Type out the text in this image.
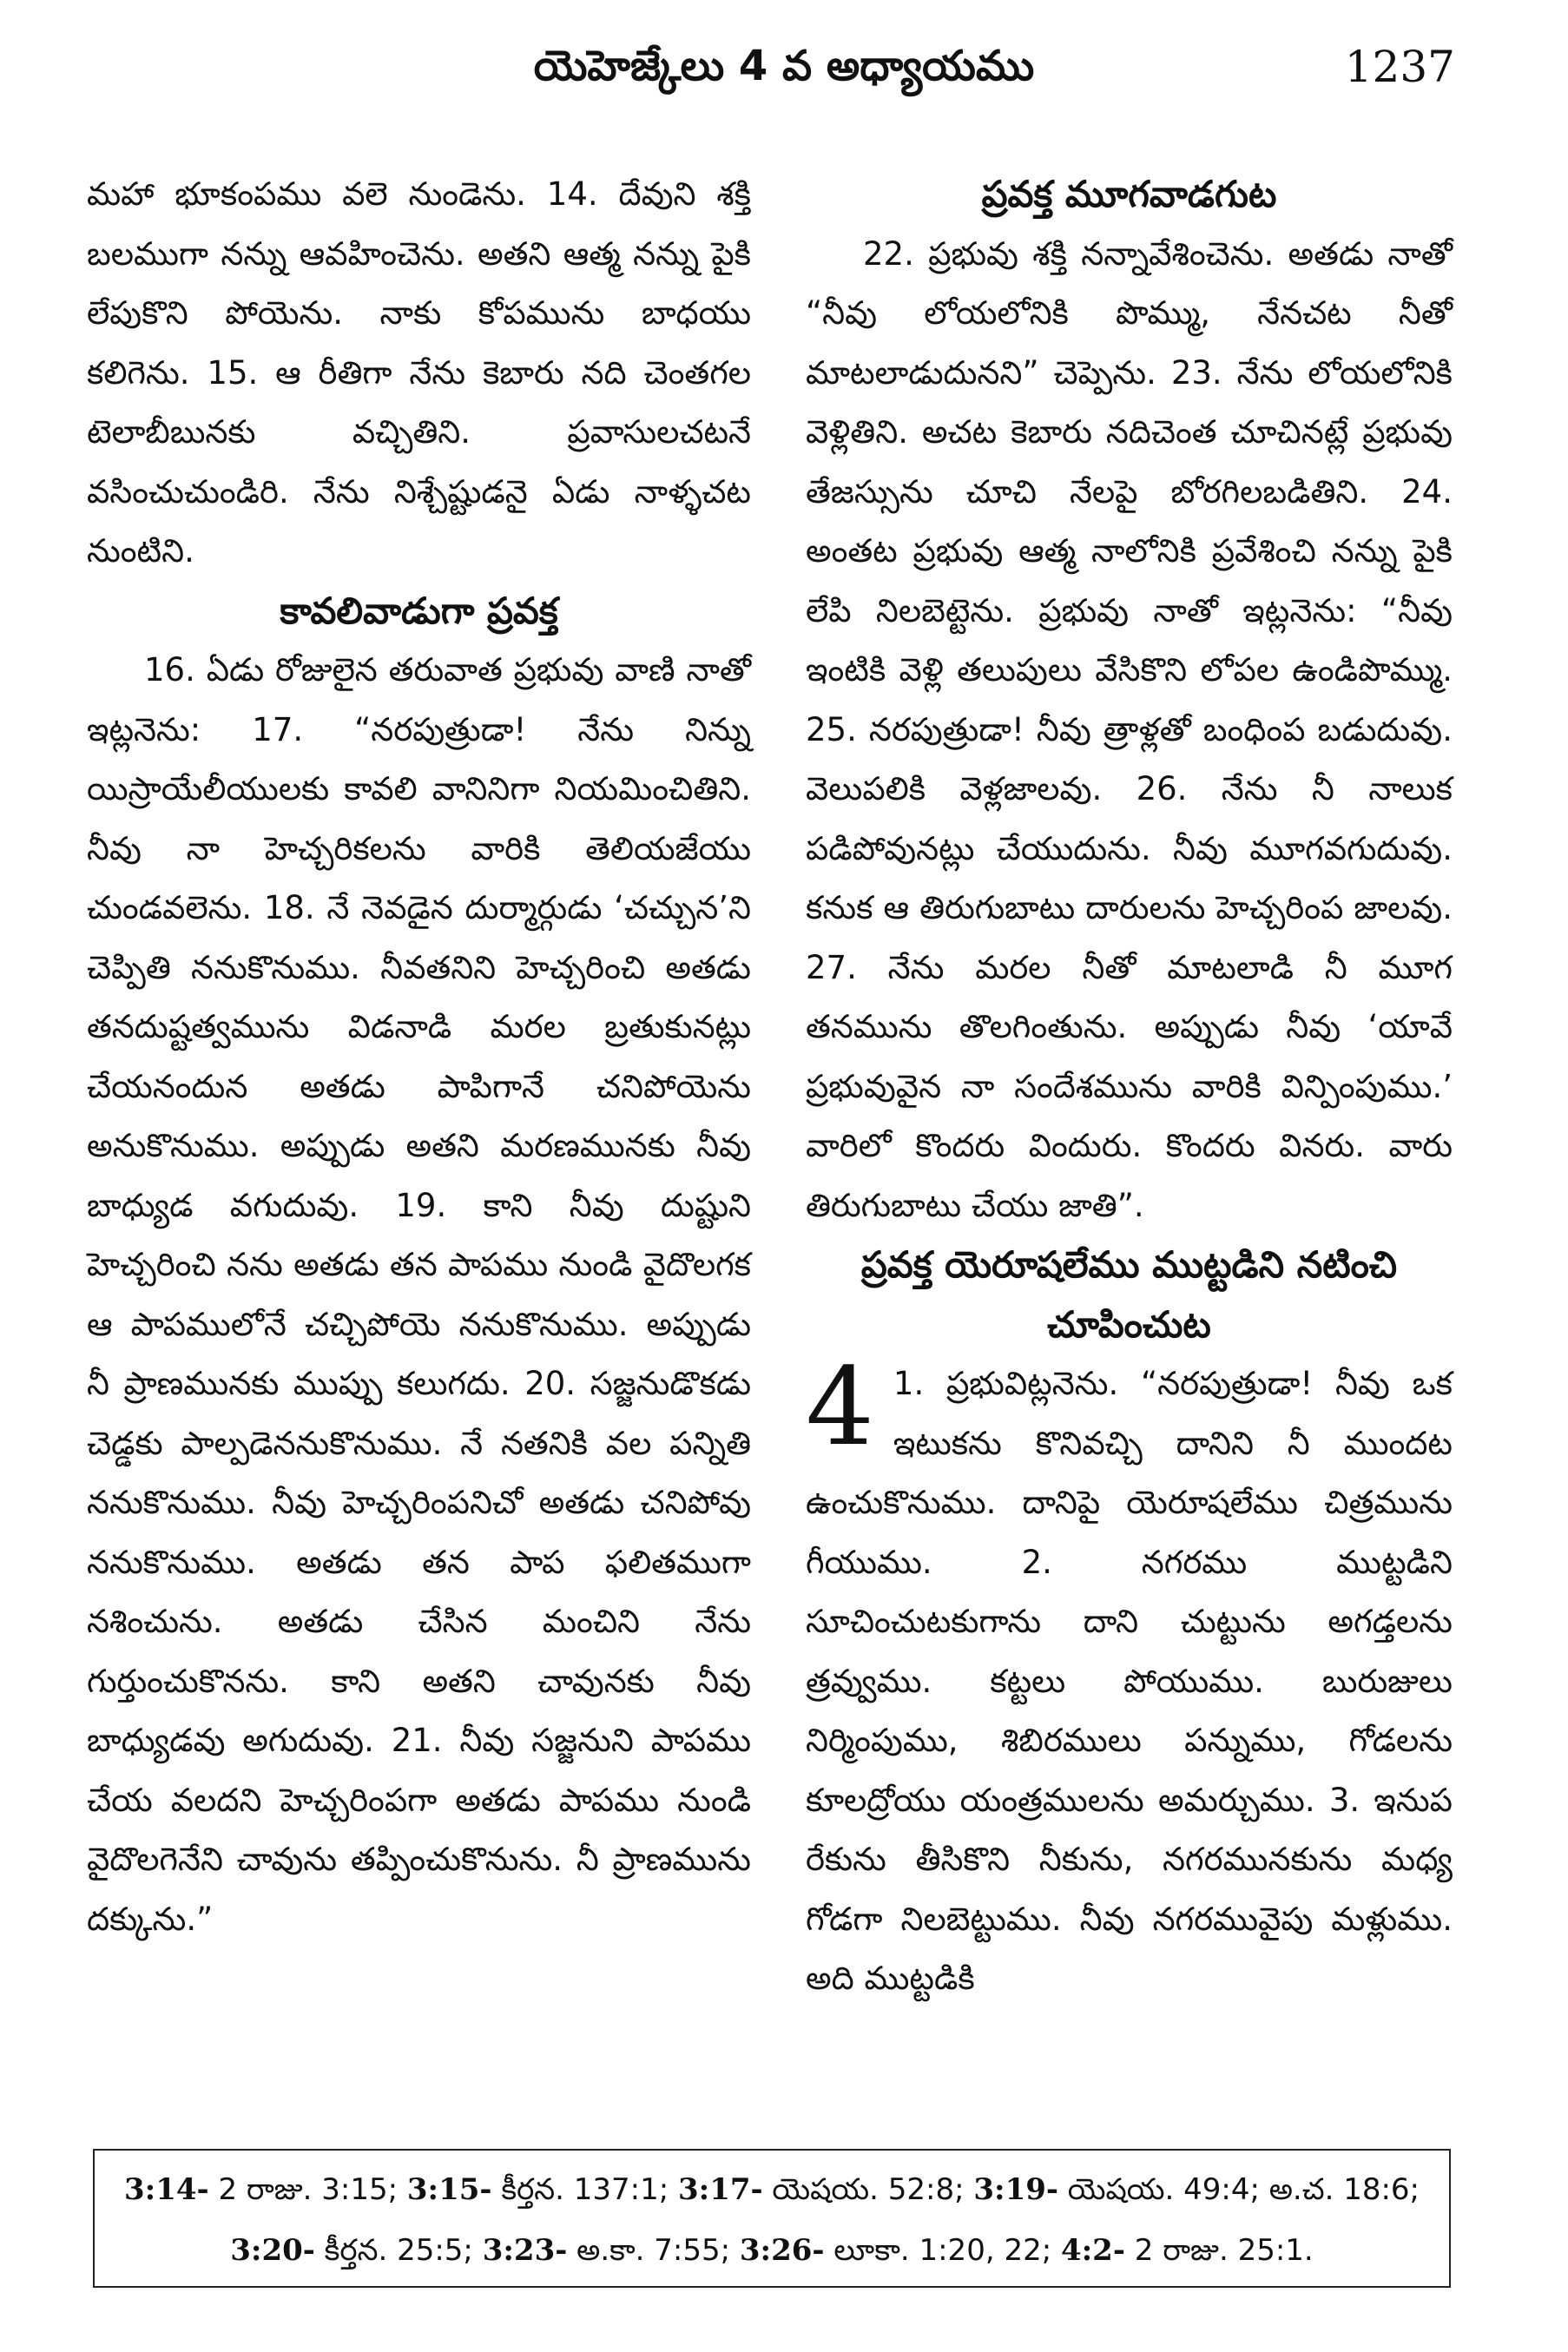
యెహెజ్కేలు 4 వ అధ్యాయము	1237

మహా భూకంపము వలె నుండెను. 14. దేవుని శక్తి బలముగా నన్ను ఆవహించెను. అతని ఆత్మ నన్ను పైకి లేపుకొని పోయెను. నాకు కోపమును బాధయు కలిగెను. 15. ఆ రీతిగా నేను కెబారు నది చెంతగల టెలాబీబునకు వచ్చితిని. ప్రవాసులచటనే వసించుచుండిరి. నేను నిశ్చేష్టుడనై ఏడు నాళ్ళచట నుంటిని.

కావలివాడుగా ప్రవక్త

16. ఏడు రోజులైన తరువాత ప్రభువు వాణి నాతో ఇట్లనెను: 17. “నరపుత్రుడా! నేను నిన్ను యిస్రాయేలీయులకు కావలి వానినిగా నియమించితిని. నీవు నా హెచ్చరికలను వారికి తెలియజేయు చుండవలెను. 18. నే నెవడైన దుర్మార్గుడు ‘చచ్చున’ని చెప్పితి ననుకొనుము. నీవతనిని హెచ్చరించి అతడు తనదుష్టత్వమును విడనాడి మరల బ్రతుకునట్లు చేయనందున అతడు పాపిగానే చనిపోయెను అనుకొనుము. అప్పుడు అతని మరణమునకు నీవు బాధ్యుడ వగుదువు. 19. కాని నీవు దుష్టుని హెచ్చరించి నను అతడు తన పాపము నుండి వైదొలగక ఆ పాపములోనే చచ్చిపోయె ననుకొనుము. అప్పుడు నీ ప్రాణమునకు ముప్పు కలుగదు. 20. సజ్జనుడొకడు చెడ్డకు పాల్పడెననుకొనుము. నే నతనికి వల పన్నితి ననుకొనుము. నీవు హెచ్చరింపనిచో అతడు చనిపోవు ననుకొనుము. అతడు తన పాప ఫలితముగా నశించును. అతడు చేసిన మంచిని నేను గుర్తుంచుకొనను. కాని అతని చావునకు నీవు బాధ్యుడవు అగుదువు. 21. నీవు సజ్జనుని పాపము చేయ వలదని హెచ్చరింపగా అతడు పాపము నుండి వైదొలగెనేని చావును తప్పించుకొనును. నీ ప్రాణమును దక్కును.”

ప్రవక్త మూగవాడగుట

22. ప్రభువు శక్తి నన్నావేశించెను. అతడు నాతో “నీవు లోయలోనికి పొమ్ము, నేనచట నీతో మాటలాడుదునని” చెప్పెను. 23. నేను లోయలోనికి వెళ్లితిని. అచట కెబారు నదిచెంత చూచినట్లే ప్రభువు తేజస్సును చూచి నేలపై బోరగిలబడితిని. 24. అంతట ప్రభువు ఆత్మ నాలోనికి ప్రవేశించి నన్ను పైకి లేపి నిలబెట్టెను. ప్రభువు నాతో ఇట్లనెను: “నీవు ఇంటికి వెళ్లి తలుపులు వేసికొని లోపల ఉండిపొమ్ము. 25. నరపుత్రుడా! నీవు త్రాళ్లతో బంధింప బడుదువు. వెలుపలికి వెళ్లజాలవు. 26. నేను నీ నాలుక పడిపోవునట్లు చేయుదును. నీవు మూగవగుదువు. కనుక ఆ తిరుగుబాటు దారులను హెచ్చరింప జాలవు. 27. నేను మరల నీతో మాటలాడి నీ మూగ తనమును తొలగింతును. అప్పుడు నీవు ‘యావే ప్రభువువైన నా సందేశమును వారికి విన్పింపుము.’ వారిలో కొందరు విందురు. కొందరు వినరు. వారు తిరుగుబాటు చేయు జాతి”.

ప్రవక్త యెరూషలేము ముట్టడిని నటించి చూపించుట

4 1. ప్రభువిట్లనెను. “నరపుత్రుడా! నీవు ఒక ఇటుకను కొనివచ్చి దానిని నీ ముందట ఉంచుకొనుము. దానిపై యెరూషలేము చిత్రమును గీయుము. 2. నగరము ముట్టడిని సూచించుటకుగాను దాని చుట్టును అగడ్తలను త్రవ్వుము. కట్టలు పోయుము. బురుజులు నిర్మింపుము, శిబిరములు పన్నుము, గోడలను కూలద్రోయు యంత్రములను అమర్చుము. 3. ఇనుప రేకును తీసికొని నీకును, నగరమునకును మధ్య గోడగా నిలబెట్టుము. నీవు నగరమువైపు మళ్లుము. అది ముట్టడికి

3:14- 2 రాజు. 3:15; 3:15- కీర్తన. 137:1; 3:17- యెషయ. 52:8; 3:19- యెషయ. 49:4; అ.చ. 18:6; 3:20- కీర్తన. 25:5; 3:23- అ.కా. 7:55; 3:26- లూకా. 1:20, 22; 4:2- 2 రాజు. 25:1.
